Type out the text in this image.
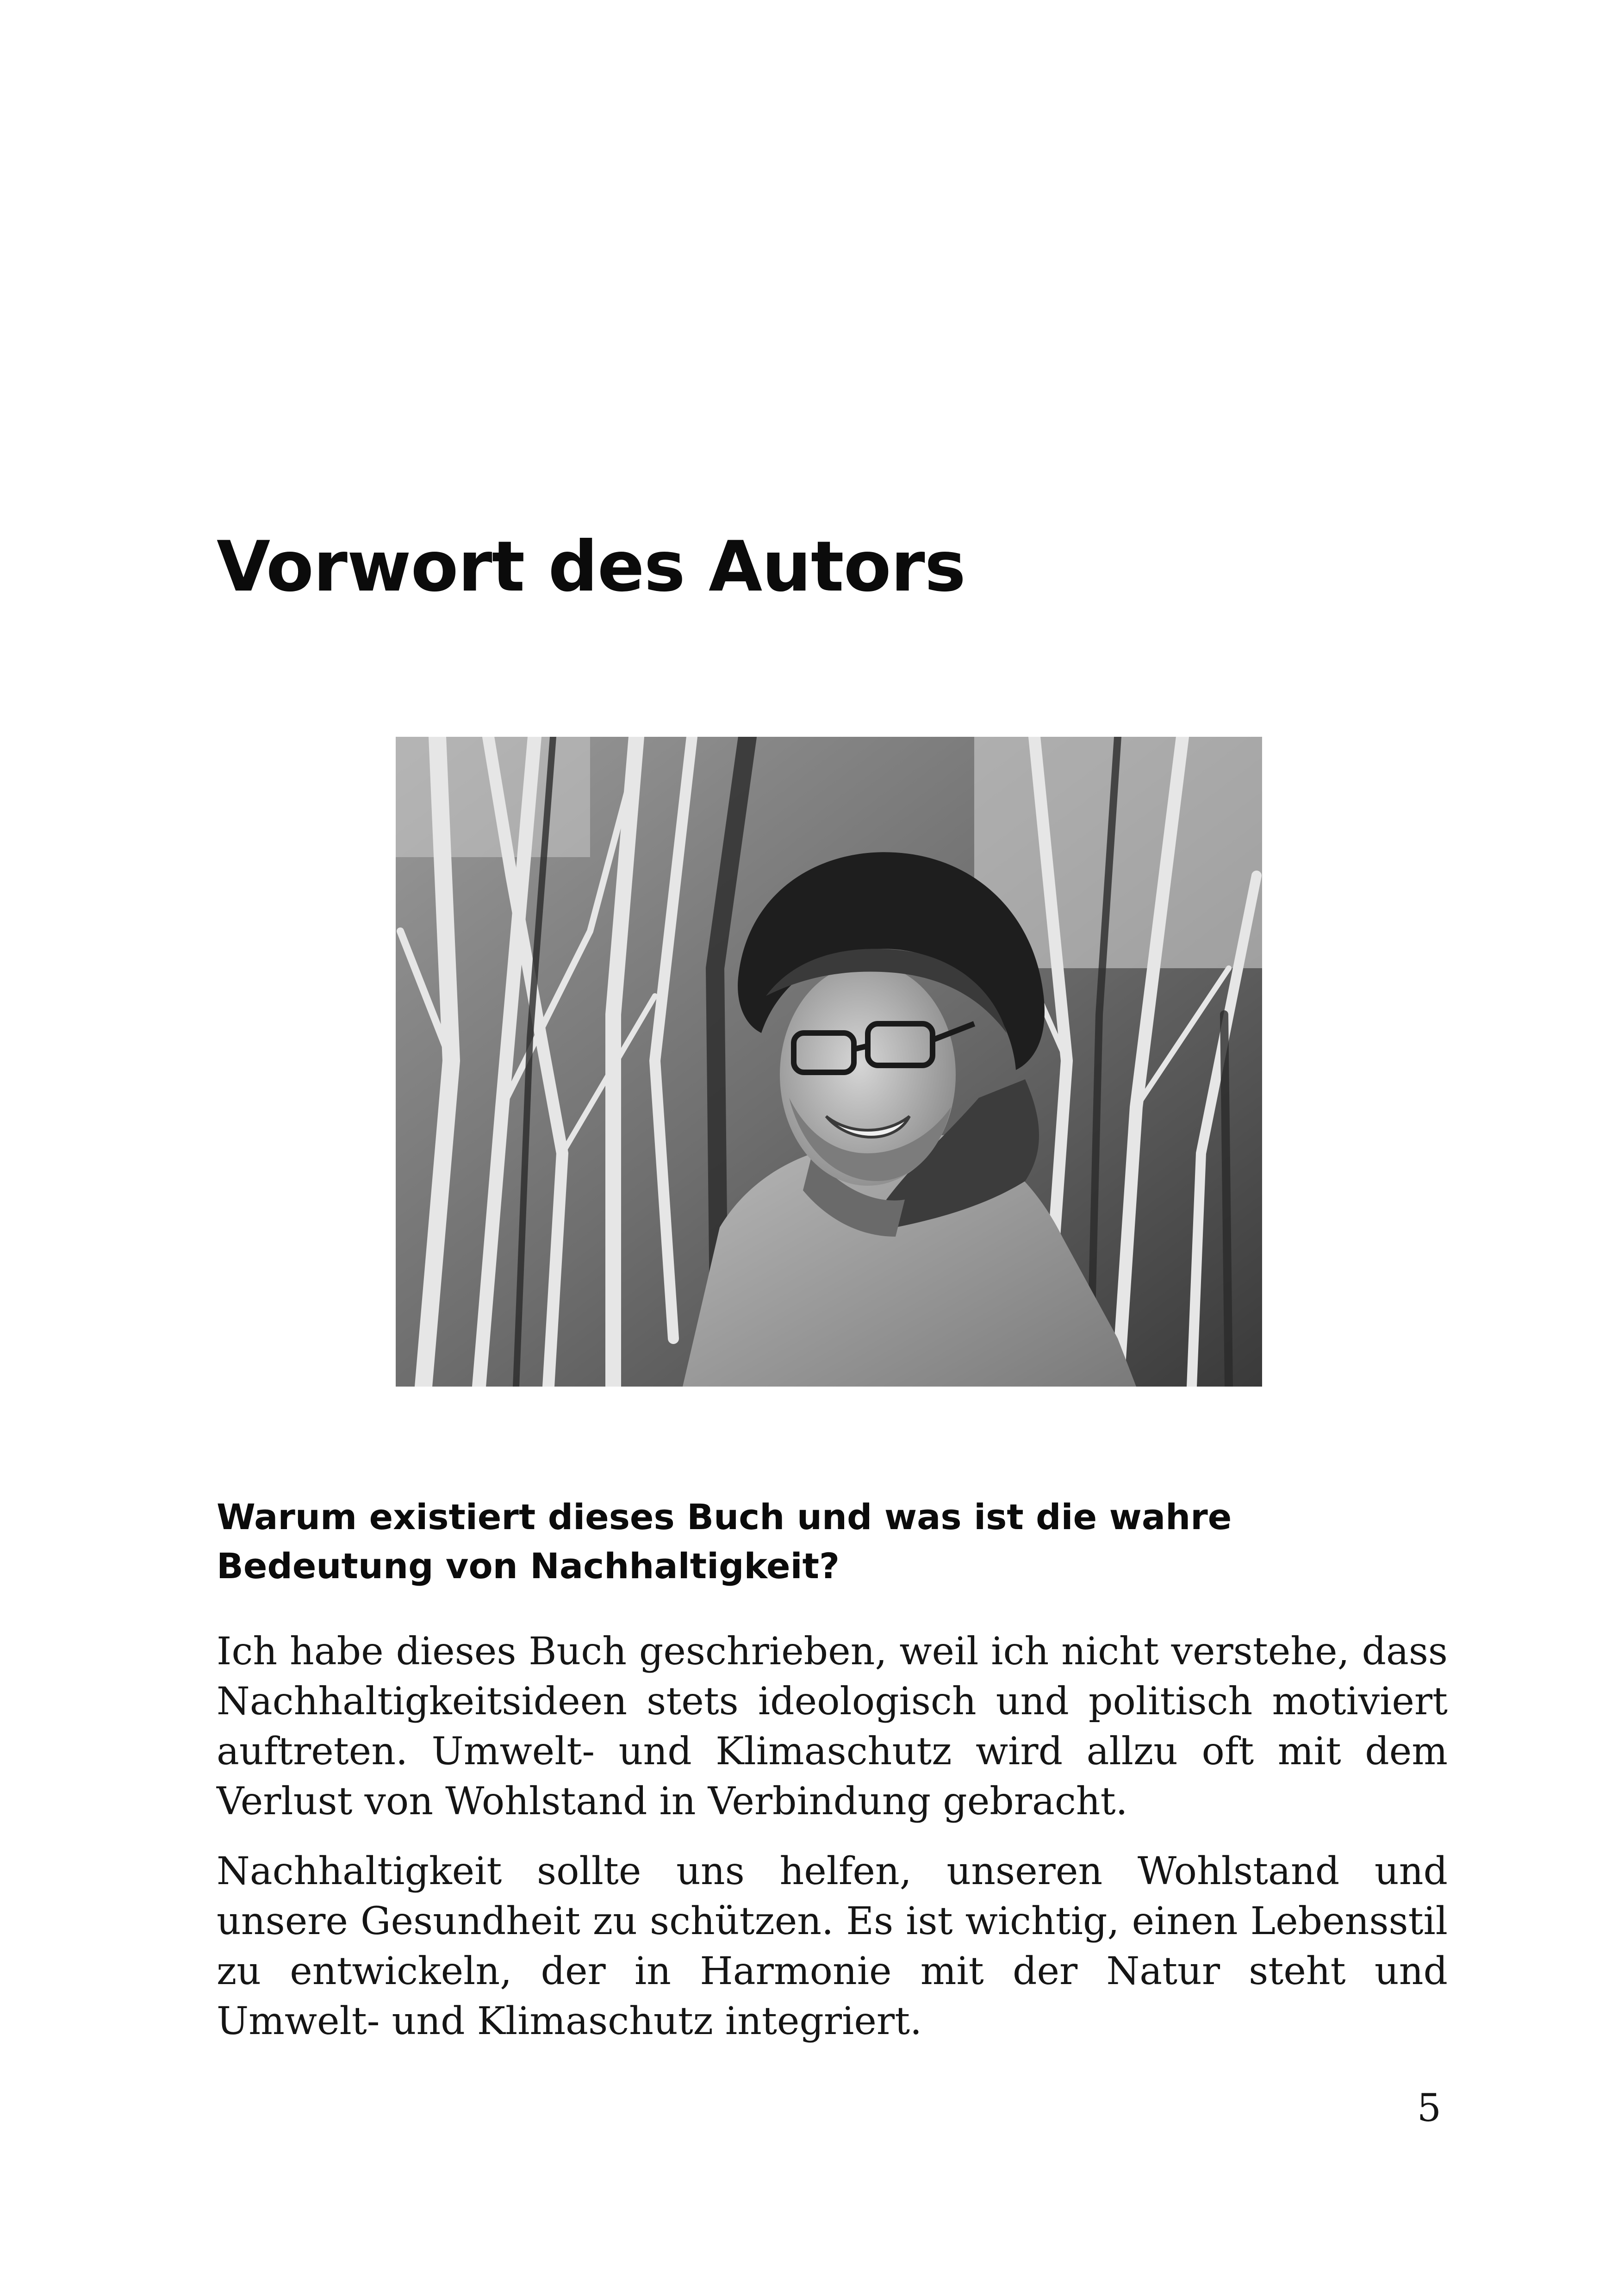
Vorwort des Autors
Warum existiert dieses Buch und was ist die wahre Bedeutung von Nachhaltigkeit?

Ich habe dieses Buch geschrieben, weil ich nicht verstehe, dass Nachhaltigkeitsideen stets ideologisch und politisch motiviert auftreten. Umwelt- und Klimaschutz wird allzu oft mit dem Verlust von Wohlstand in Verbindung gebracht.

Nachhaltigkeit sollte uns helfen, unseren Wohlstand und unsere Gesundheit zu schützen. Es ist wichtig, einen Lebensstil zu entwickeln, der in Harmonie mit der Natur steht und Umwelt- und Klimaschutz integriert.

5
